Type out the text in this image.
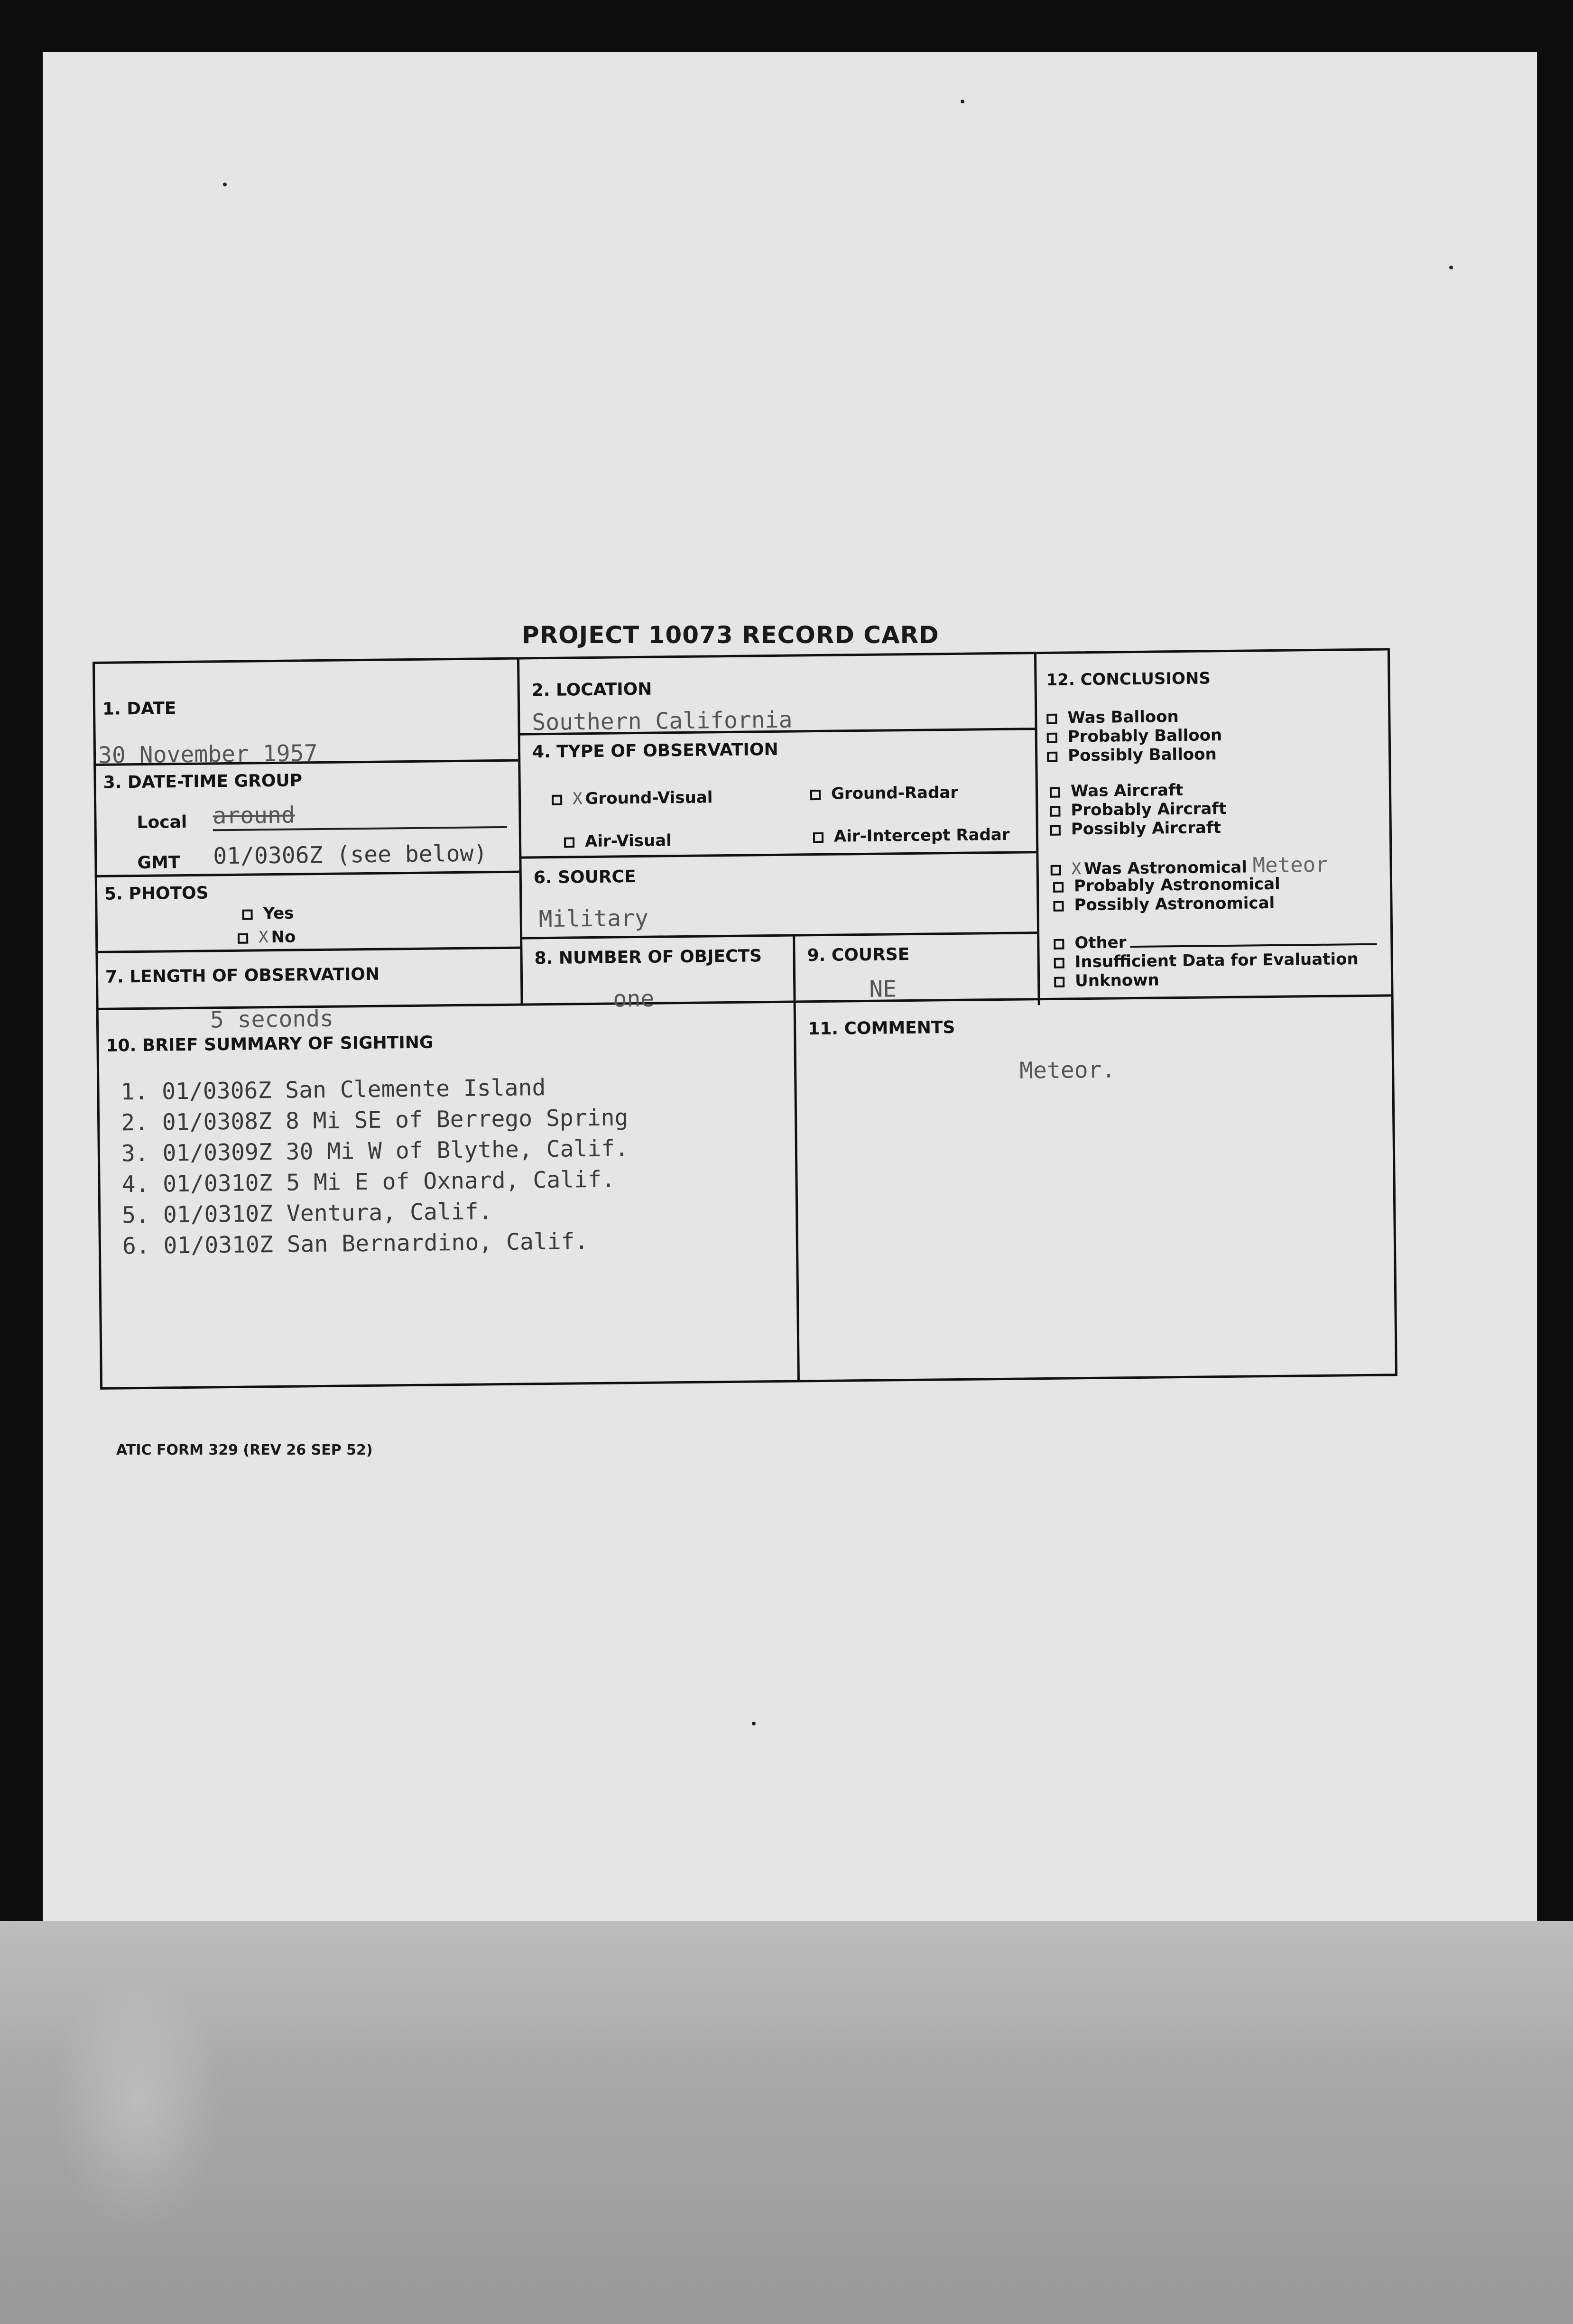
PROJECT 10073 RECORD CARD
1. DATE
30 November 1957
2. LOCATION
Southern California
3. DATE-TIME GROUP
Local around
GMT 01/0306Z (see below)
4. TYPE OF OBSERVATION
X Ground-Visual	Ground-Radar
Air-Visual	Air-Intercept Radar
5. PHOTOS
Yes
X No
6. SOURCE
Military
7. LENGTH OF OBSERVATION
5 seconds
8. NUMBER OF OBJECTS
one
9. COURSE
NE
10. BRIEF SUMMARY OF SIGHTING
1. 01/0306Z San Clemente Island
2. 01/0308Z 8 Mi SE of Berrego Spring
3. 01/0309Z 30 Mi W of Blythe, Calif.
4. 01/0310Z 5 Mi E of Oxnard, Calif.
5. 01/0310Z Ventura, Calif.
6. 01/0310Z San Bernardino, Calif.
11. COMMENTS
Meteor.
12. CONCLUSIONS
Was Balloon
Probably Balloon
Possibly Balloon
Was Aircraft
Probably Aircraft
Possibly Aircraft
X Was Astronomical Meteor
Probably Astronomical
Possibly Astronomical
Other
Insufficient Data for Evaluation
Unknown
ATIC FORM 329 (REV 26 SEP 52)
